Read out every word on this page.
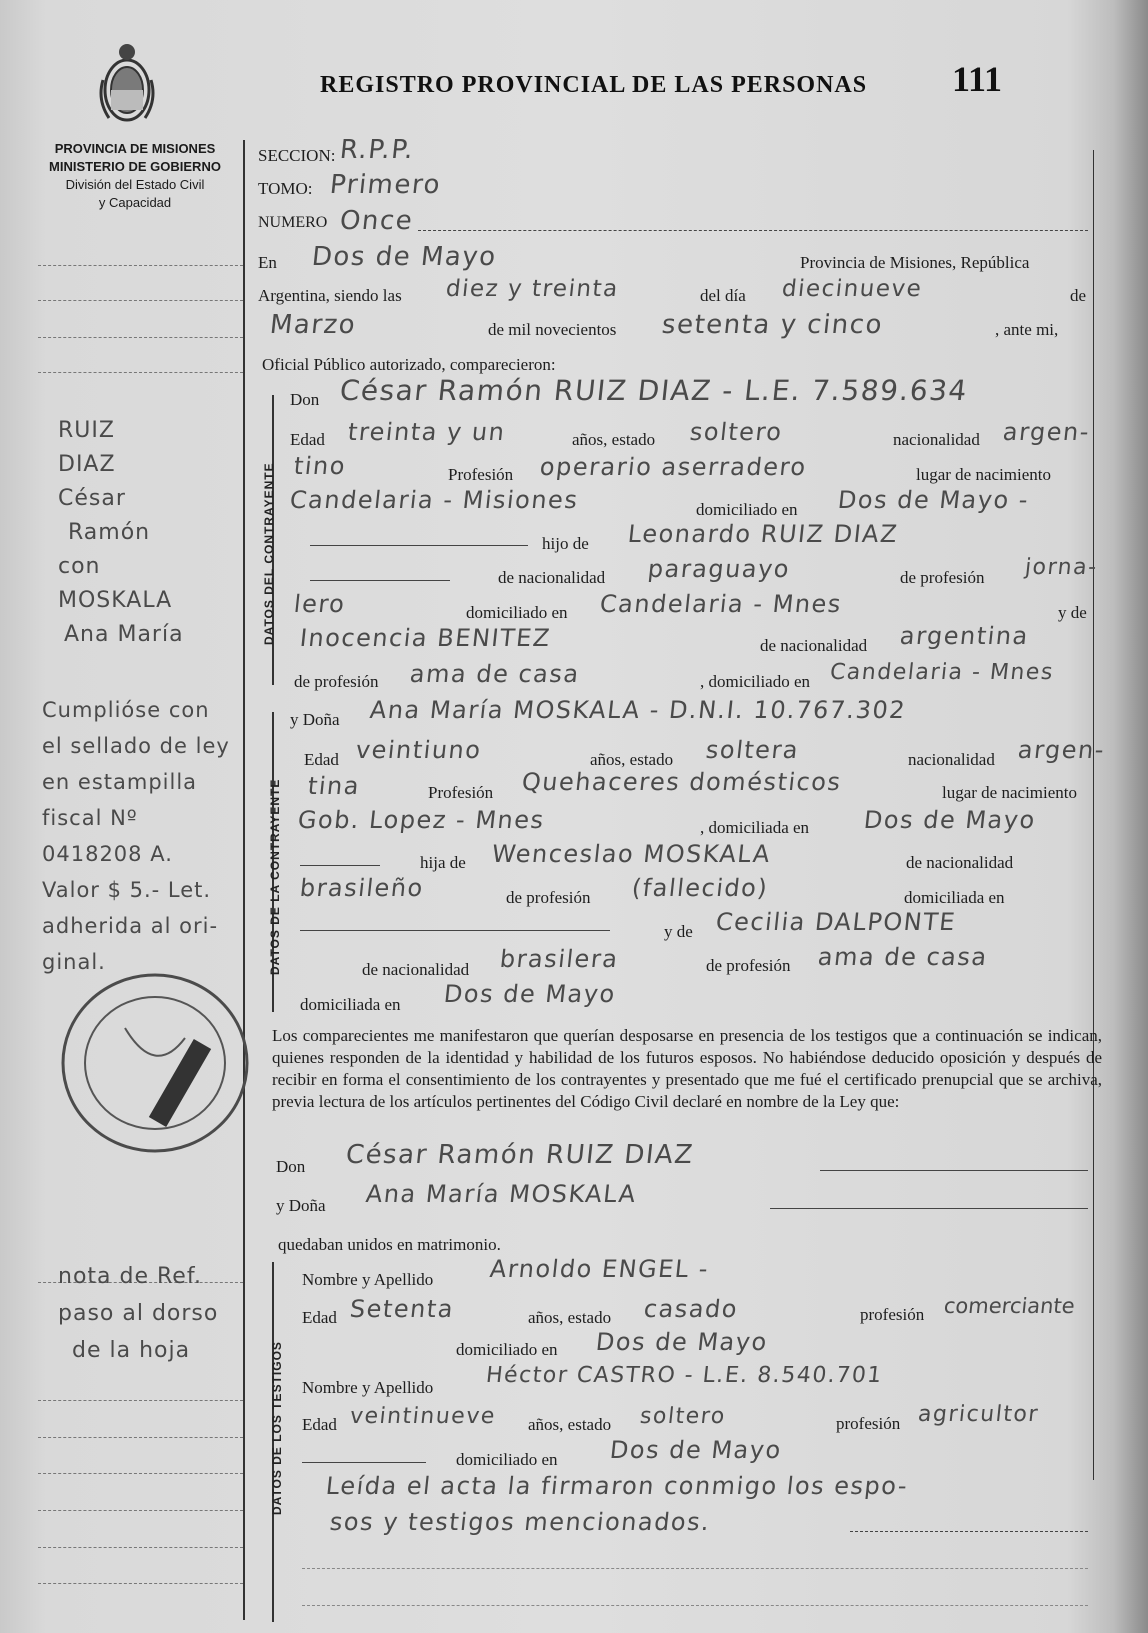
REGISTRO PROVINCIAL DE LAS PERSONAS 111
PROVINCIA DE MISIONES
MINISTERIO DE GOBIERNO
División del Estado Civil
y Capacidad
DATOS DEL CONTRAYENTE
DATOS DE LA CONTRAYENTE
DATOS DE LOS TESTIGOS
RUIZ
DIAZ
César
Ramón
con
MOSKALA
Ana María
Cumplióse con
el sellado de ley
en estampilla
fiscal Nº
0418208 A.
Valor $ 5.- Let.
adherida al ori-
ginal.
nota de Ref.
paso al dorso
de la hoja
SECCION: R.P.P.
TOMO: Primero
NUMERO Once
En Dos de Mayo	Provincia de Misiones, República
Argentina, siendo las diez y treinta	del día diecinueve	de
Marzo	de mil novecientos setenta y cinco	, ante mi,
Oficial Público autorizado, comparecieron:
Don César Ramón RUIZ DIAZ - L.E. 7.589.634
Edad treinta y un	años, estado soltero	nacionalidad argen-
tino	Profesión operario aserradero	lugar de nacimiento
Candelaria - Misiones	domiciliado en Dos de Mayo -
hijo de Leonardo RUIZ DIAZ
de nacionalidad paraguayo	de profesión jorna-
lero	domiciliado en Candelaria - Mnes	y de
Inocencia BENITEZ	de nacionalidad argentina
de profesión ama de casa	, domiciliado en Candelaria - Mnes
y Doña Ana María MOSKALA - D.N.I. 10.767.302
Edad veintiuno	años, estado soltera	nacionalidad argen-
tina	Profesión Quehaceres domésticos	lugar de nacimiento
Gob. Lopez - Mnes	, domiciliada en Dos de Mayo
hija de Wenceslao MOSKALA	de nacionalidad
brasileño	de profesión (fallecido)	domiciliada en
y de Cecilia DALPONTE
de nacionalidad brasilera	de profesión ama de casa
domiciliada en Dos de Mayo
Los comparecientes me manifestaron que querían desposarse en presencia de los testigos que a continuación se indican, quienes responden de la identidad y habilidad de los futuros esposos. No habiéndose deducido oposición y después de recibir en forma el consentimiento de los contrayentes y presentado que me fué el certificado prenupcial que se archiva, previa lectura de los artículos pertinentes del Código Civil declaré en nombre de la Ley que:
Don César Ramón RUIZ DIAZ
y Doña Ana María MOSKALA
quedaban unidos en matrimonio.
Nombre y Apellido Arnoldo ENGEL -
Edad Setenta	años, estado casado	profesión comerciante
domiciliado en Dos de Mayo
Nombre y Apellido Héctor CASTRO - L.E. 8.540.701
Edad veintinueve años, estado soltero	profesión agricultor
domiciliado en Dos de Mayo
Leída el acta la firmaron conmigo los espo-
sos y testigos mencionados.
